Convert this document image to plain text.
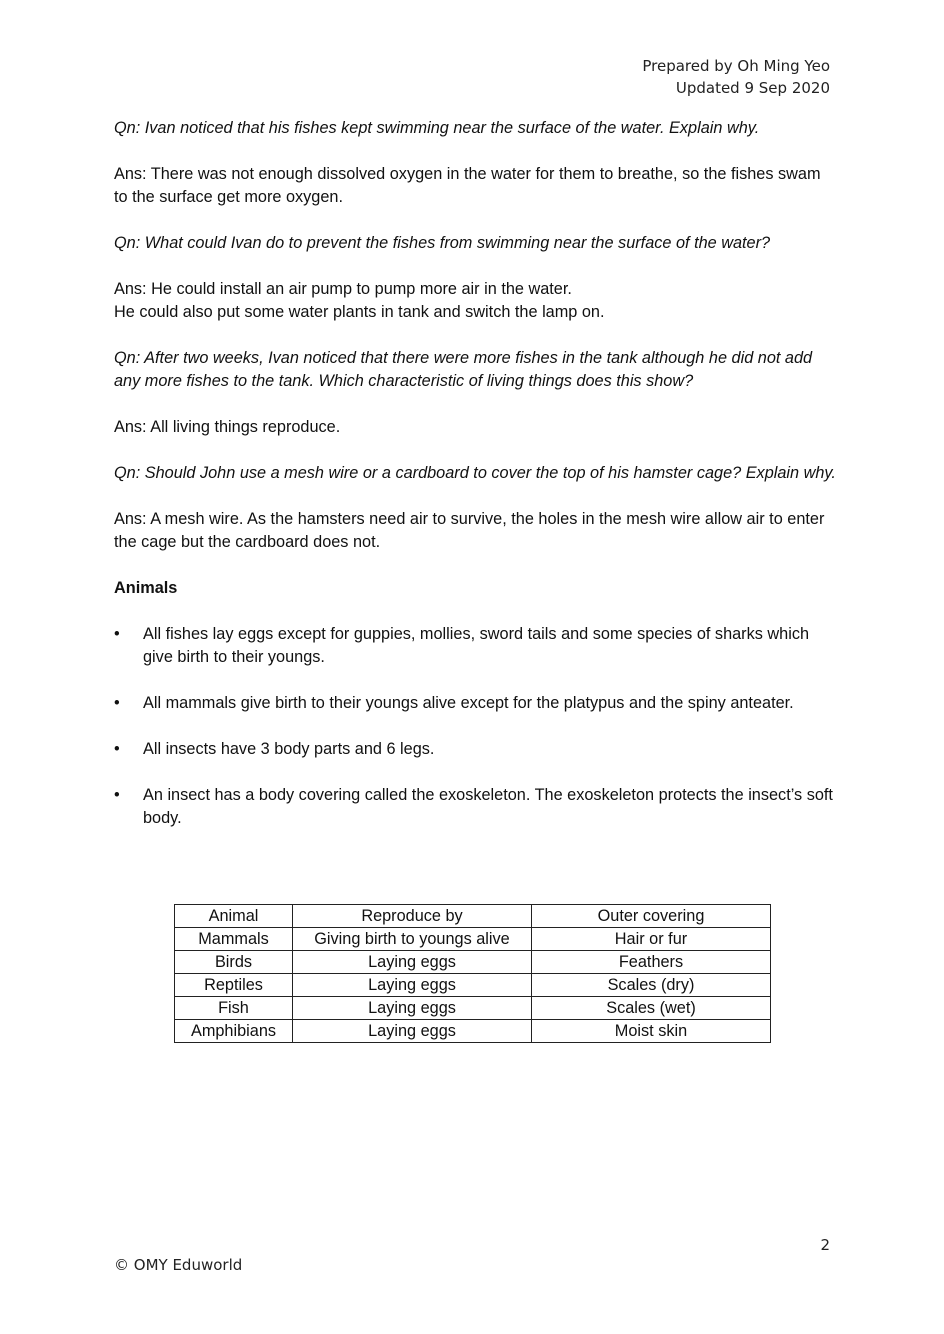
Prepared by Oh Ming Yeo
Updated 9 Sep 2020
Qn: Ivan noticed that his fishes kept swimming near the surface of the water. Explain why.
Ans: There was not enough dissolved oxygen in the water for them to breathe, so the fishes swam to the surface get more oxygen.
Qn: What could Ivan do to prevent the fishes from swimming near the surface of the water?
Ans: He could install an air pump to pump more air in the water.
He could also put some water plants in tank and switch the lamp on.
Qn: After two weeks, Ivan noticed that there were more fishes in the tank although he did not add any more fishes to the tank. Which characteristic of living things does this show?
Ans: All living things reproduce.
Qn: Should John use a mesh wire or a cardboard to cover the top of his hamster cage? Explain why.
Ans: A mesh wire. As the hamsters need air to survive, the holes in the mesh wire allow air to enter the cage but the cardboard does not.
Animals
• All fishes lay eggs except for guppies, mollies, sword tails and some species of sharks which give birth to their youngs.
• All mammals give birth to their youngs alive except for the platypus and the spiny anteater.
• All insects have 3 body parts and 6 legs.
• An insect has a body covering called the exoskeleton. The exoskeleton protects the insect’s soft body.
Animal	Reproduce by	Outer covering
Mammals	Giving birth to youngs alive	Hair or fur
Birds	Laying eggs	Feathers
Reptiles	Laying eggs	Scales (dry)
Fish	Laying eggs	Scales (wet)
Amphibians	Laying eggs	Moist skin
2
© OMY Eduworld
